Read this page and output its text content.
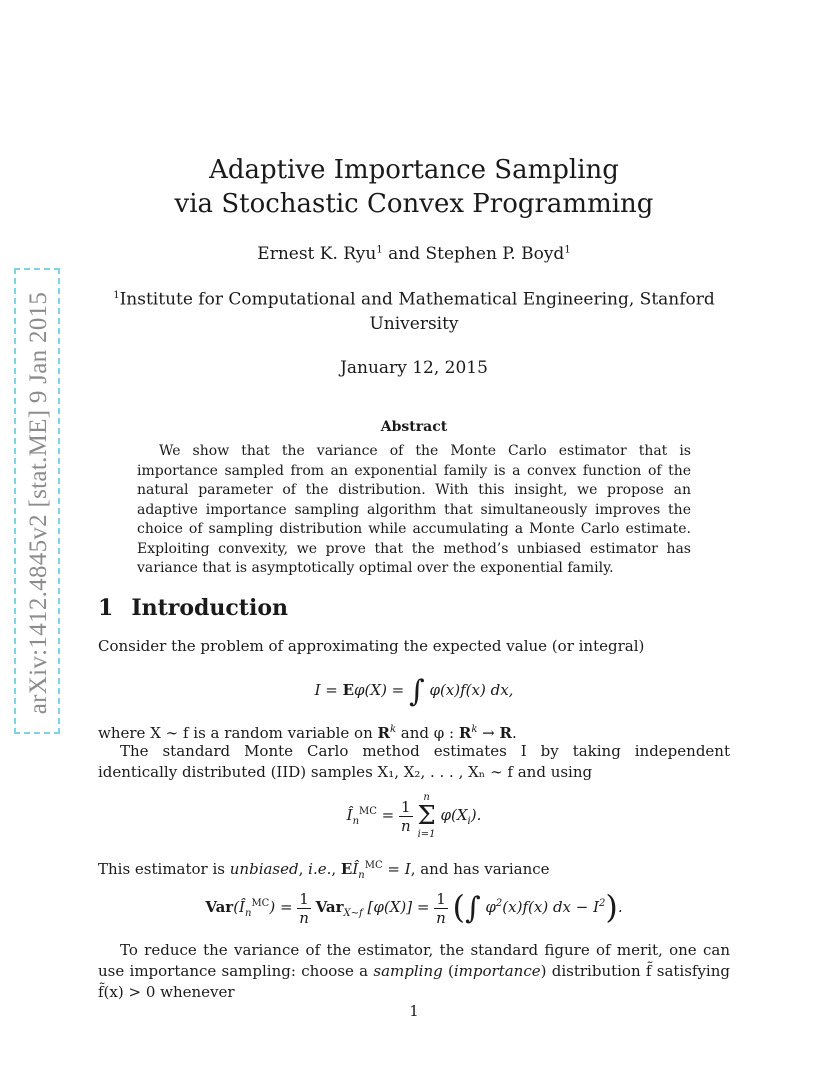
arXiv:1412.4845v2 [stat.ME] 9 Jan 2015
Adaptive Importance Sampling
via Stochastic Convex Programming
Ernest K. Ryu$^1$ and Stephen P. Boyd$^1$
$^1$Institute for Computational and Mathematical Engineering, Stanford
University
January 12, 2015
Abstract
We show that the variance of the Monte Carlo estimator that is importance sampled from an exponential family is a convex function of the natural parameter of the distribution. With this insight, we propose an adaptive importance sampling algorithm that simultaneously improves the choice of sampling distribution while accumulating a Monte Carlo estimate. Exploiting convexity, we prove that the method’s unbiased estimator has variance that is asymptotically optimal over the exponential family.
1 Introduction
Consider the problem of approximating the expected value (or integral)
I = Eφ(X) = ∫ φ(x)f(x) dx,
where X ∼ f is a random variable on $R^k$ and φ : $R^k \to R$.
The standard Monte Carlo method estimates I by taking independent identically distributed (IID) samples X₁, X₂, . . . , Xₙ ∼ f and using
$Î_n^{MC} = \frac{1}{n}$
	n
Σ
i=1
$\varphi(X_i)$.
This estimator is unbiased, i.e., $EÎ_n^{MC} = I$, and has variance
$Var(Î_n^{MC}) = \frac{1}{n} Var_{X\sim f}$ $[\varphi(X)] = \frac{1}{n}$ (∫ $\varphi^2(x)f(x)$ dx − $I^2$).
To reduce the variance of the estimator, the standard figure of merit, one can use importance sampling: choose a sampling (importance) distribution f̃ satisfying f̃(x) > 0 whenever
1
